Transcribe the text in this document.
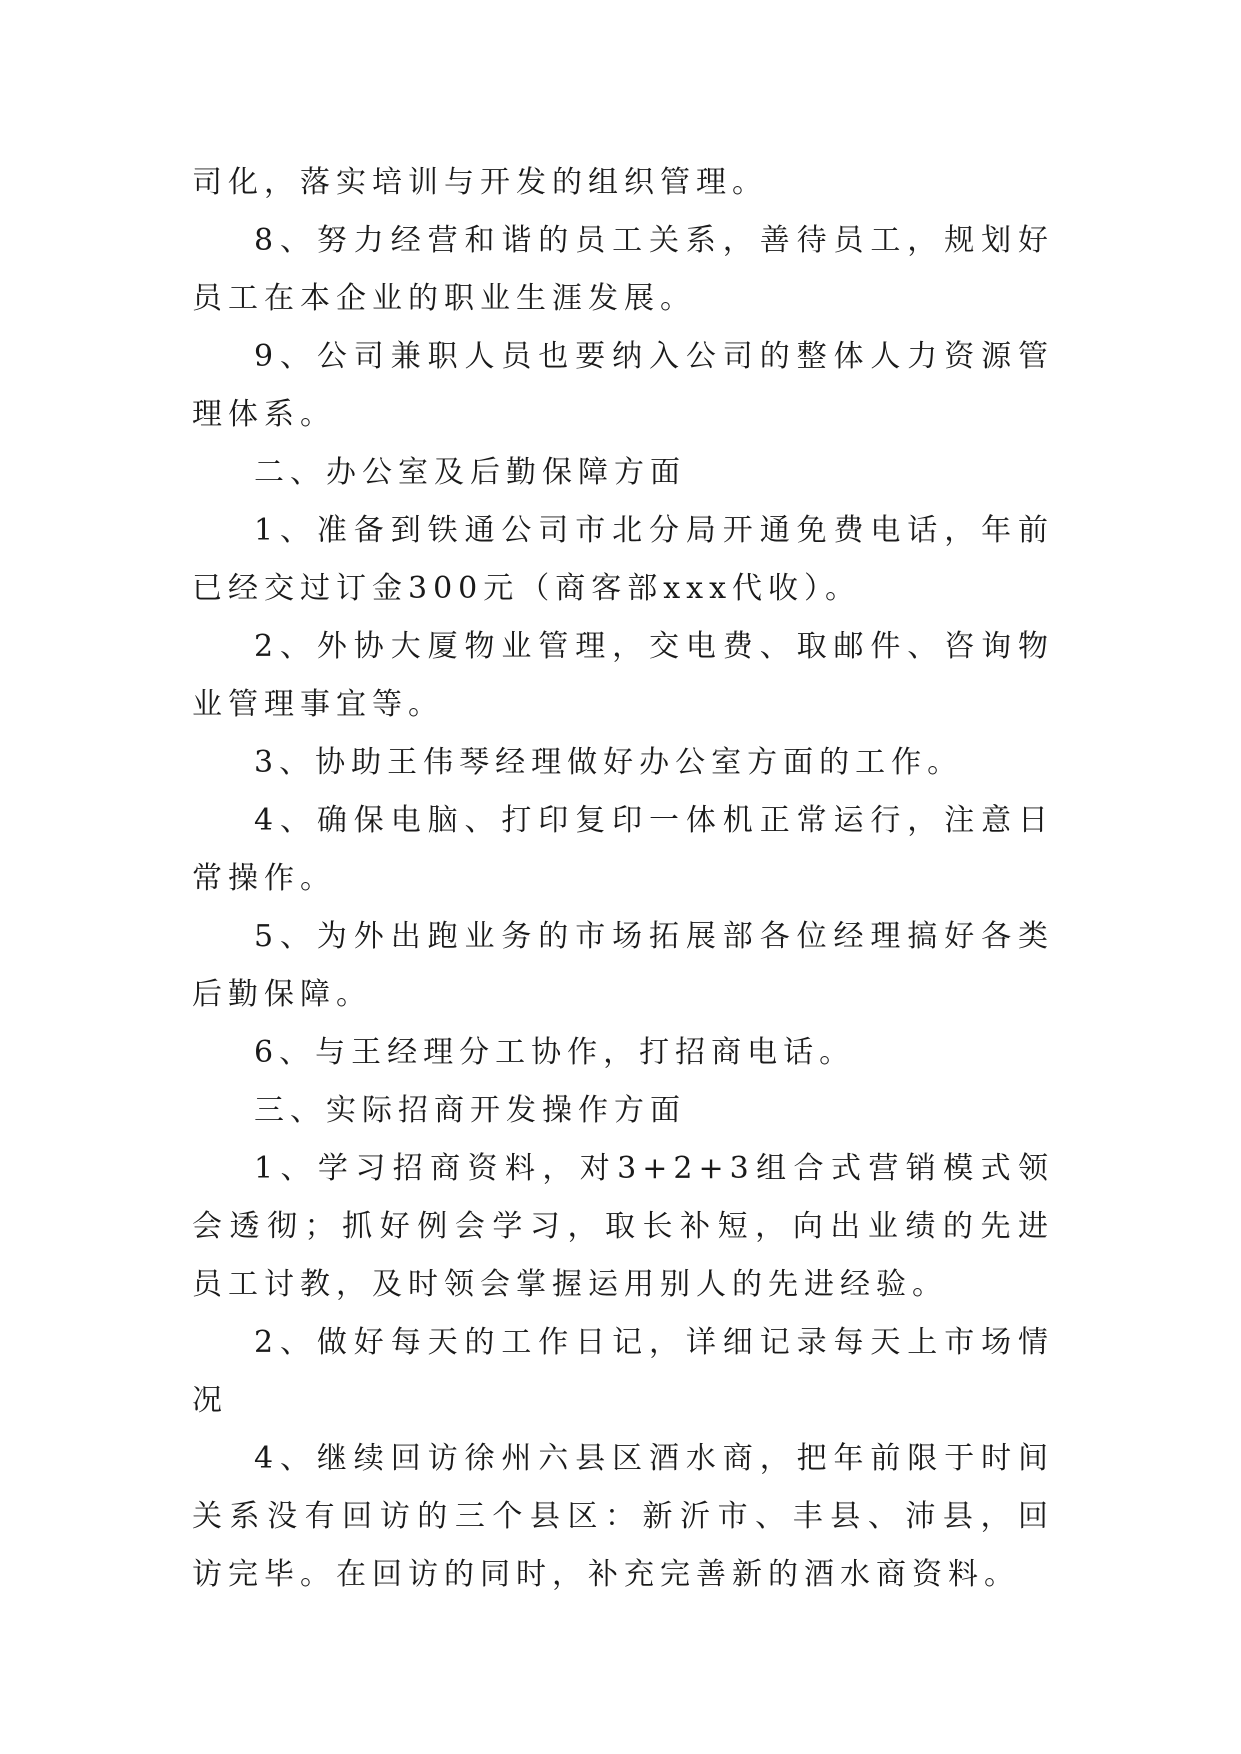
司化，落实培训与开发的组织管理。

8、努力经营和谐的员工关系，善待员工，规划好员工在本企业的职业生涯发展。

9、公司兼职人员也要纳入公司的整体人力资源管理体系。

二、办公室及后勤保障方面

1、准备到铁通公司市北分局开通免费电话，年前已经交过订金300元（商客部xxx代收）。

2、外协大厦物业管理，交电费、取邮件、咨询物业管理事宜等。

3、协助王伟琴经理做好办公室方面的工作。

4、确保电脑、打印复印一体机正常运行，注意日常操作。

5、为外出跑业务的市场拓展部各位经理搞好各类后勤保障。

6、与王经理分工协作，打招商电话。

三、实际招商开发操作方面

1、学习招商资料，对3+2+3组合式营销模式领会透彻；抓好例会学习，取长补短，向出业绩的先进员工讨教，及时领会掌握运用别人的先进经验。

2、做好每天的工作日记，详细记录每天上市场情况

4、继续回访徐州六县区酒水商，把年前限于时间关系没有回访的三个县区：新沂市、丰县、沛县，回访完毕。在回访的同时，补充完善新的酒水商资料。
